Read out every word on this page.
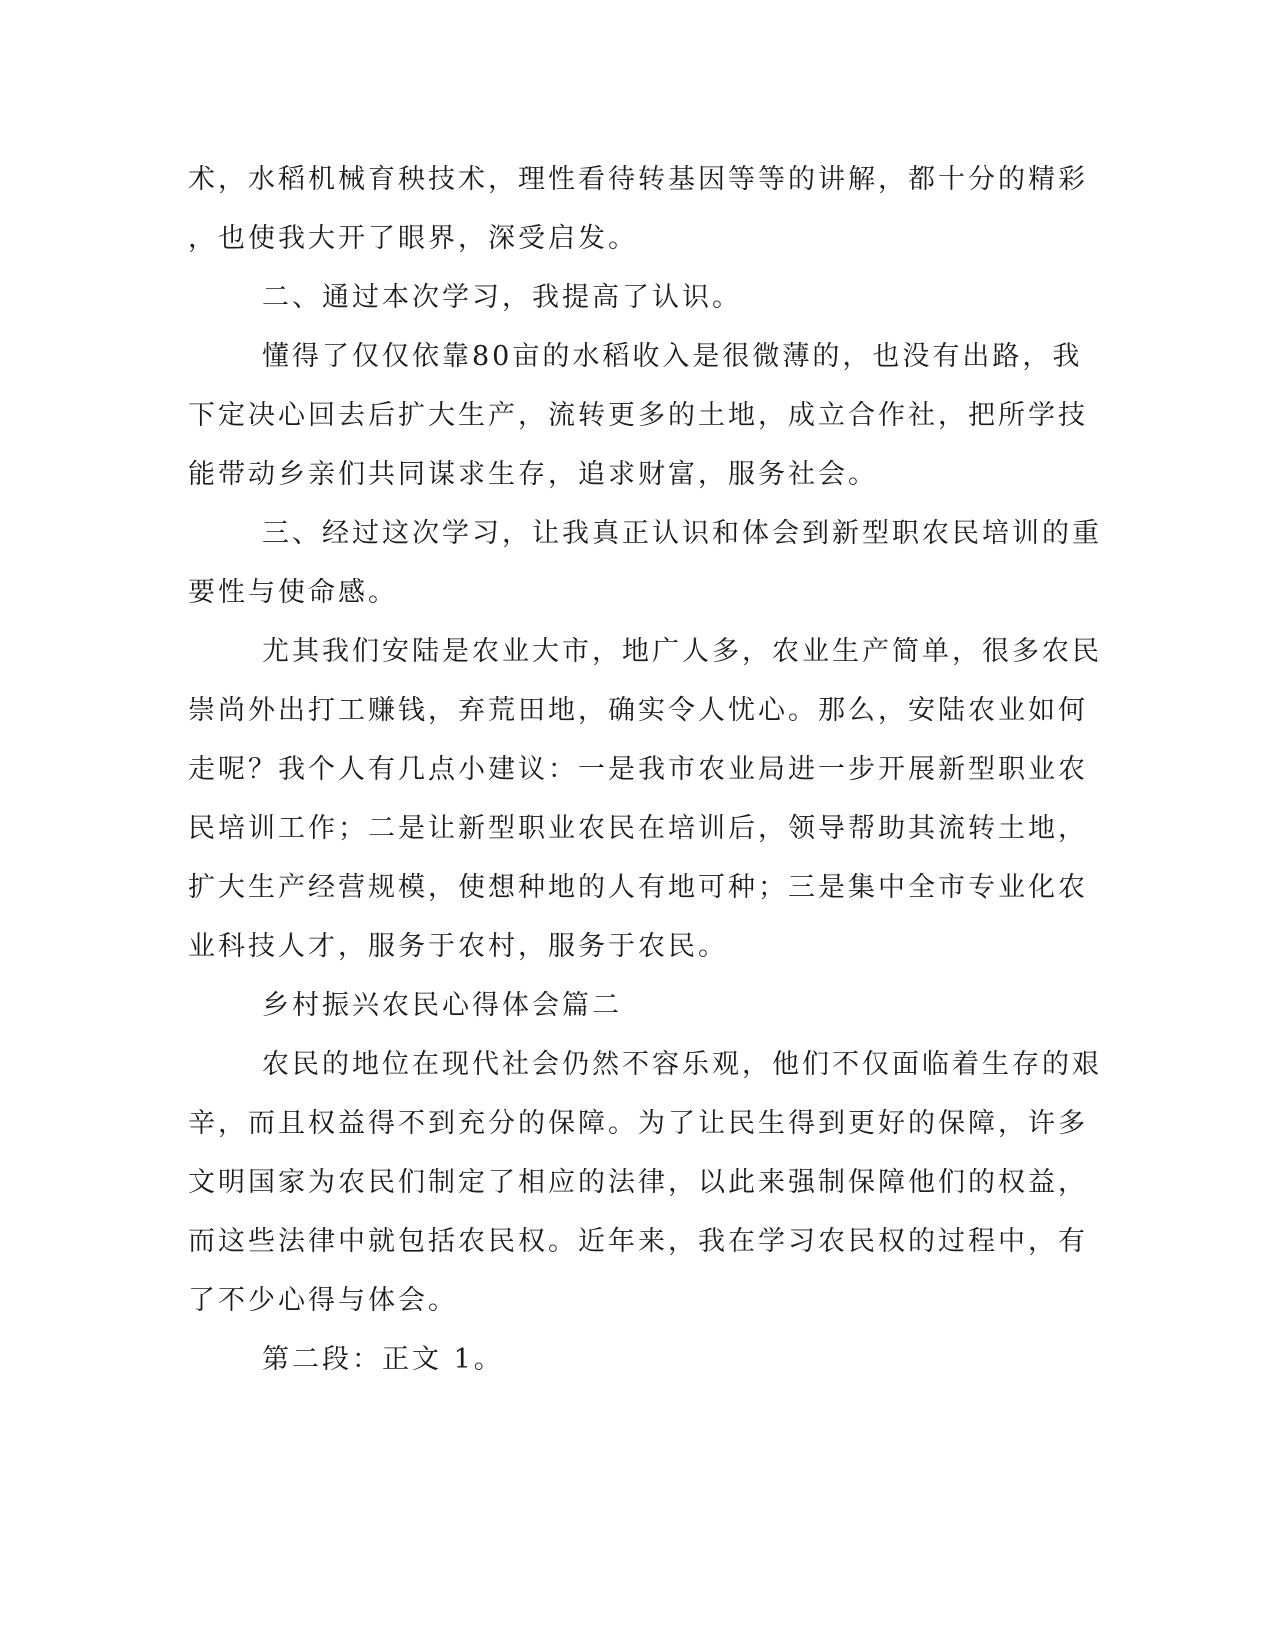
术，水稻机械育秧技术，理性看待转基因等等的讲解，都十分的精彩
，也使我大开了眼界，深受启发。
二、通过本次学习，我提高了认识。
懂得了仅仅依靠80亩的水稻收入是很微薄的，也没有出路，我
下定决心回去后扩大生产，流转更多的土地，成立合作社，把所学技
能带动乡亲们共同谋求生存，追求财富，服务社会。
三、经过这次学习，让我真正认识和体会到新型职农民培训的重
要性与使命感。
尤其我们安陆是农业大市，地广人多，农业生产简单，很多农民
崇尚外出打工赚钱，弃荒田地，确实令人忧心。那么，安陆农业如何
走呢？我个人有几点小建议：一是我市农业局进一步开展新型职业农
民培训工作；二是让新型职业农民在培训后，领导帮助其流转土地，
扩大生产经营规模，使想种地的人有地可种；三是集中全市专业化农
业科技人才，服务于农村，服务于农民。
乡村振兴农民心得体会篇二
农民的地位在现代社会仍然不容乐观，他们不仅面临着生存的艰
辛，而且权益得不到充分的保障。为了让民生得到更好的保障，许多
文明国家为农民们制定了相应的法律，以此来强制保障他们的权益，
而这些法律中就包括农民权。近年来，我在学习农民权的过程中，有
了不少心得与体会。
第二段：正文 1。
